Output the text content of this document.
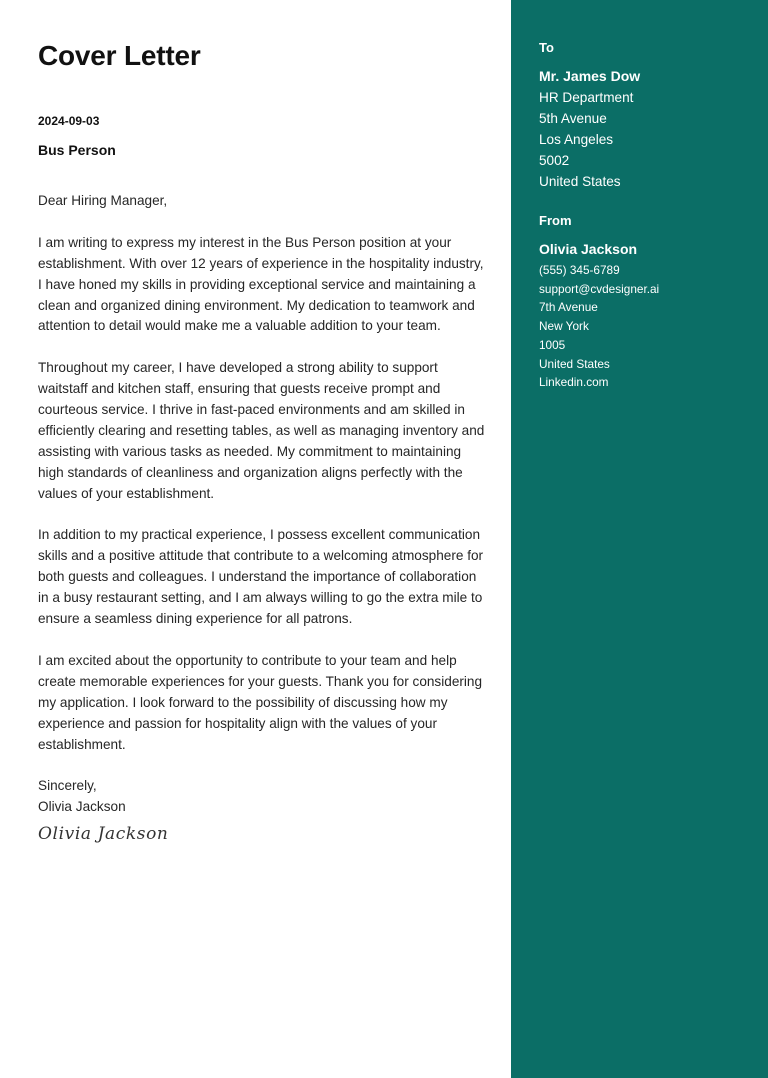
Cover Letter
2024-09-03
Bus Person

Dear Hiring Manager,

I am writing to express my interest in the Bus Person position at your establishment. With over 12 years of experience in the hospitality industry, I have honed my skills in providing exceptional service and maintaining a clean and organized dining environment. My dedication to teamwork and attention to detail would make me a valuable addition to your team.

Throughout my career, I have developed a strong ability to support waitstaff and kitchen staff, ensuring that guests receive prompt and courteous service. I thrive in fast-paced environments and am skilled in efficiently clearing and resetting tables, as well as managing inventory and assisting with various tasks as needed. My commitment to maintaining high standards of cleanliness and organization aligns perfectly with the values of your establishment.

In addition to my practical experience, I possess excellent communication skills and a positive attitude that contribute to a welcoming atmosphere for both guests and colleagues. I understand the importance of collaboration in a busy restaurant setting, and I am always willing to go the extra mile to ensure a seamless dining experience for all patrons.

I am excited about the opportunity to contribute to your team and help create memorable experiences for your guests. Thank you for considering my application. I look forward to the possibility of discussing how my experience and passion for hospitality align with the values of your establishment.

Sincerely,
Olivia Jackson

Olivia Jackson
To
Mr. James Dow
HR Department
5th Avenue
Los Angeles
5002
United States
From
Olivia Jackson
(555) 345-6789
support@cvdesigner.ai
7th Avenue
New York
1005
United States
Linkedin.com
